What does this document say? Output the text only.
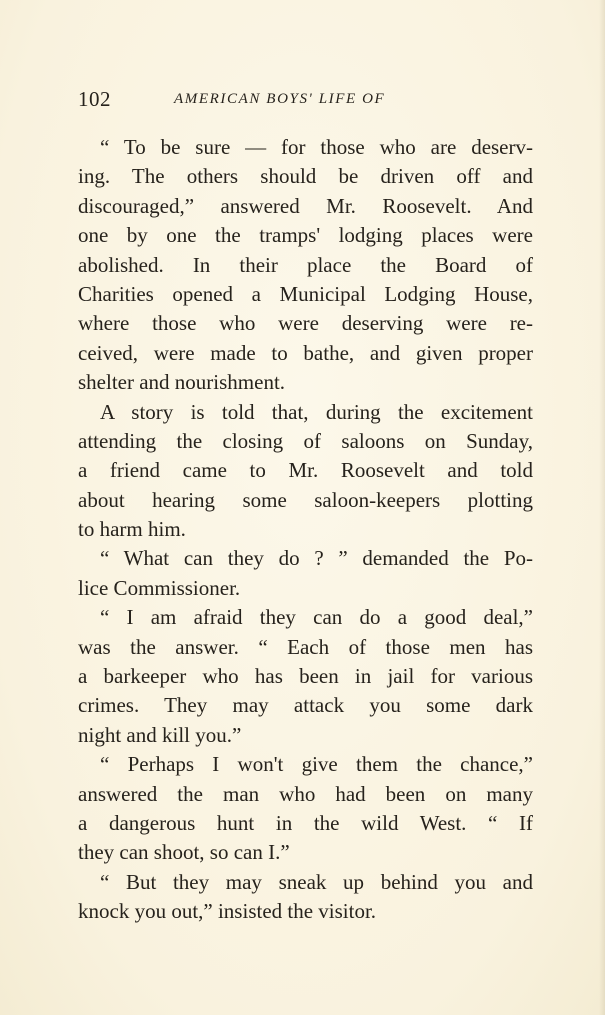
102	AMERICAN BOYS' LIFE OF
“ To be sure — for those who are deserv-
ing. The others should be driven off and
discouraged,” answered Mr. Roosevelt. And
one by one the tramps' lodging places were
abolished. In their place the Board of
Charities opened a Municipal Lodging House,
where those who were deserving were re-
ceived, were made to bathe, and given proper
shelter and nourishment.
A story is told that, during the excitement
attending the closing of saloons on Sunday,
a friend came to Mr. Roosevelt and told
about hearing some saloon-keepers plotting
to harm him.
“ What can they do ? ” demanded the Po-
lice Commissioner.
“ I am afraid they can do a good deal,”
was the answer. “ Each of those men has
a barkeeper who has been in jail for various
crimes. They may attack you some dark
night and kill you.”
“ Perhaps I won't give them the chance,”
answered the man who had been on many
a dangerous hunt in the wild West. “ If
they can shoot, so can I.”
“ But they may sneak up behind you and
knock you out,” insisted the visitor.
